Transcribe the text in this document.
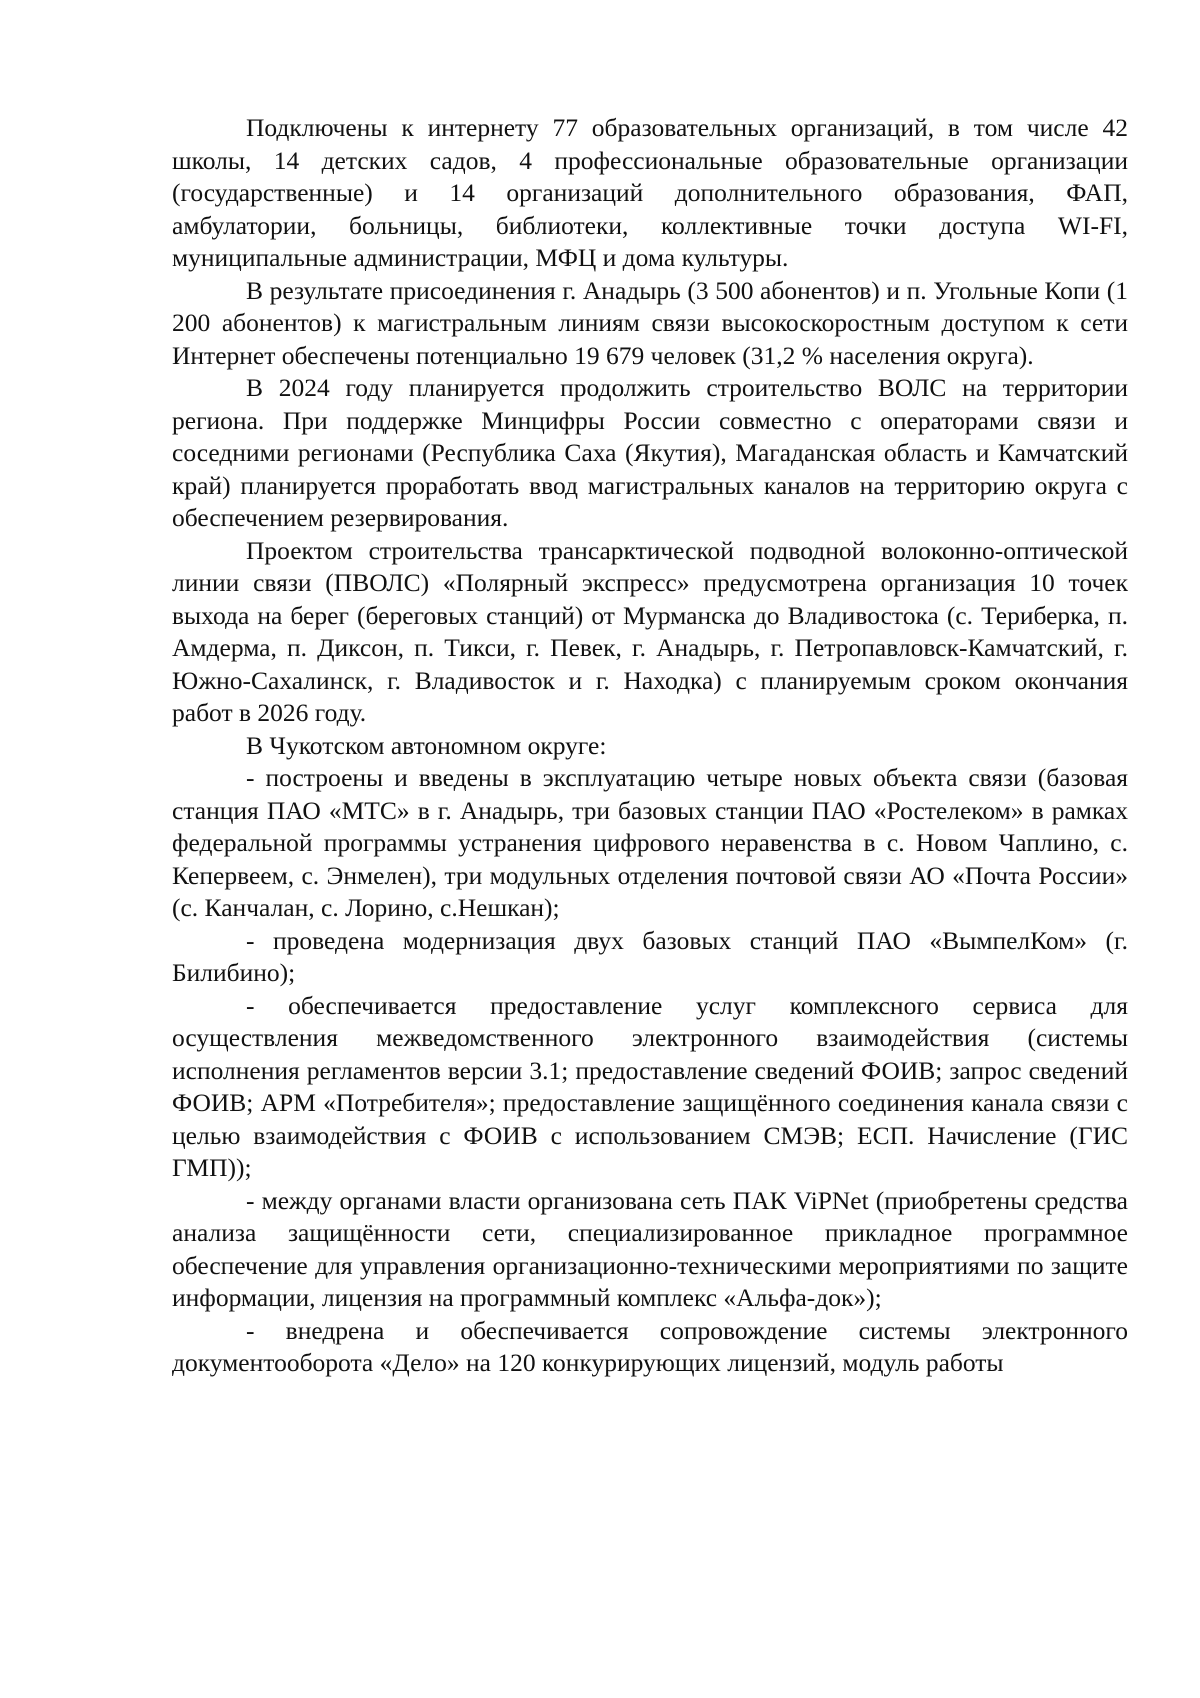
Подключены к интернету 77 образовательных организаций, в том числе 42 школы, 14 детских садов, 4 профессиональные образовательные организации (государственные) и 14 организаций дополнительного образования, ФАП, амбулатории, больницы, библиотеки, коллективные точки доступа WI-FI, муниципальные администрации, МФЦ и дома культуры.

В результате присоединения г. Анадырь (3 500 абонентов) и п. Угольные Копи (1 200 абонентов) к магистральным линиям связи высокоскоростным доступом к сети Интернет обеспечены потенциально 19 679 человек (31,2 % населения округа).

В 2024 году планируется продолжить строительство ВОЛС на территории региона. При поддержке Минцифры России совместно с операторами связи и соседними регионами (Республика Саха (Якутия), Магаданская область и Камчатский край) планируется проработать ввод магистральных каналов на территорию округа с обеспечением резервирования.

Проектом строительства трансарктической подводной волоконно-оптической линии связи (ПВОЛС) «Полярный экспресс» предусмотрена организация 10 точек выхода на берег (береговых станций) от Мурманска до Владивостока (с. Териберка, п. Амдерма, п. Диксон, п. Тикси, г. Певек, г. Анадырь, г. Петропавловск-Камчатский, г. Южно-Сахалинск, г. Владивосток и г. Находка) с планируемым сроком окончания работ в 2026 году.

В Чукотском автономном округе:

- построены и введены в эксплуатацию четыре новых объекта связи (базовая станция ПАО «МТС» в г. Анадырь, три базовых станции ПАО «Ростелеком» в рамках федеральной программы устранения цифрового неравенства в с. Новом Чаплино, с. Кепервеем, с. Энмелен), три модульных отделения почтовой связи АО «Почта России» (с. Канчалан, с. Лорино, с.Нешкан);

- проведена модернизация двух базовых станций ПАО «ВымпелКом» (г. Билибино);

- обеспечивается предоставление услуг комплексного сервиса для осуществления межведомственного электронного взаимодействия (системы исполнения регламентов версии 3.1; предоставление сведений ФОИВ; запрос сведений ФОИВ; АРМ «Потребителя»; предоставление защищённого соединения канала связи с целью взаимодействия с ФОИВ с использованием СМЭВ; ЕСП. Начисление (ГИС ГМП));

- между органами власти организована сеть ПАК ViPNet (приобретены средства анализа защищённости сети, специализированное прикладное программное обеспечение для управления организационно-техническими мероприятиями по защите информации, лицензия на программный комплекс «Альфа-док»);

- внедрена и обеспечивается сопровождение системы электронного документооборота «Дело» на 120 конкурирующих лицензий, модуль работы
